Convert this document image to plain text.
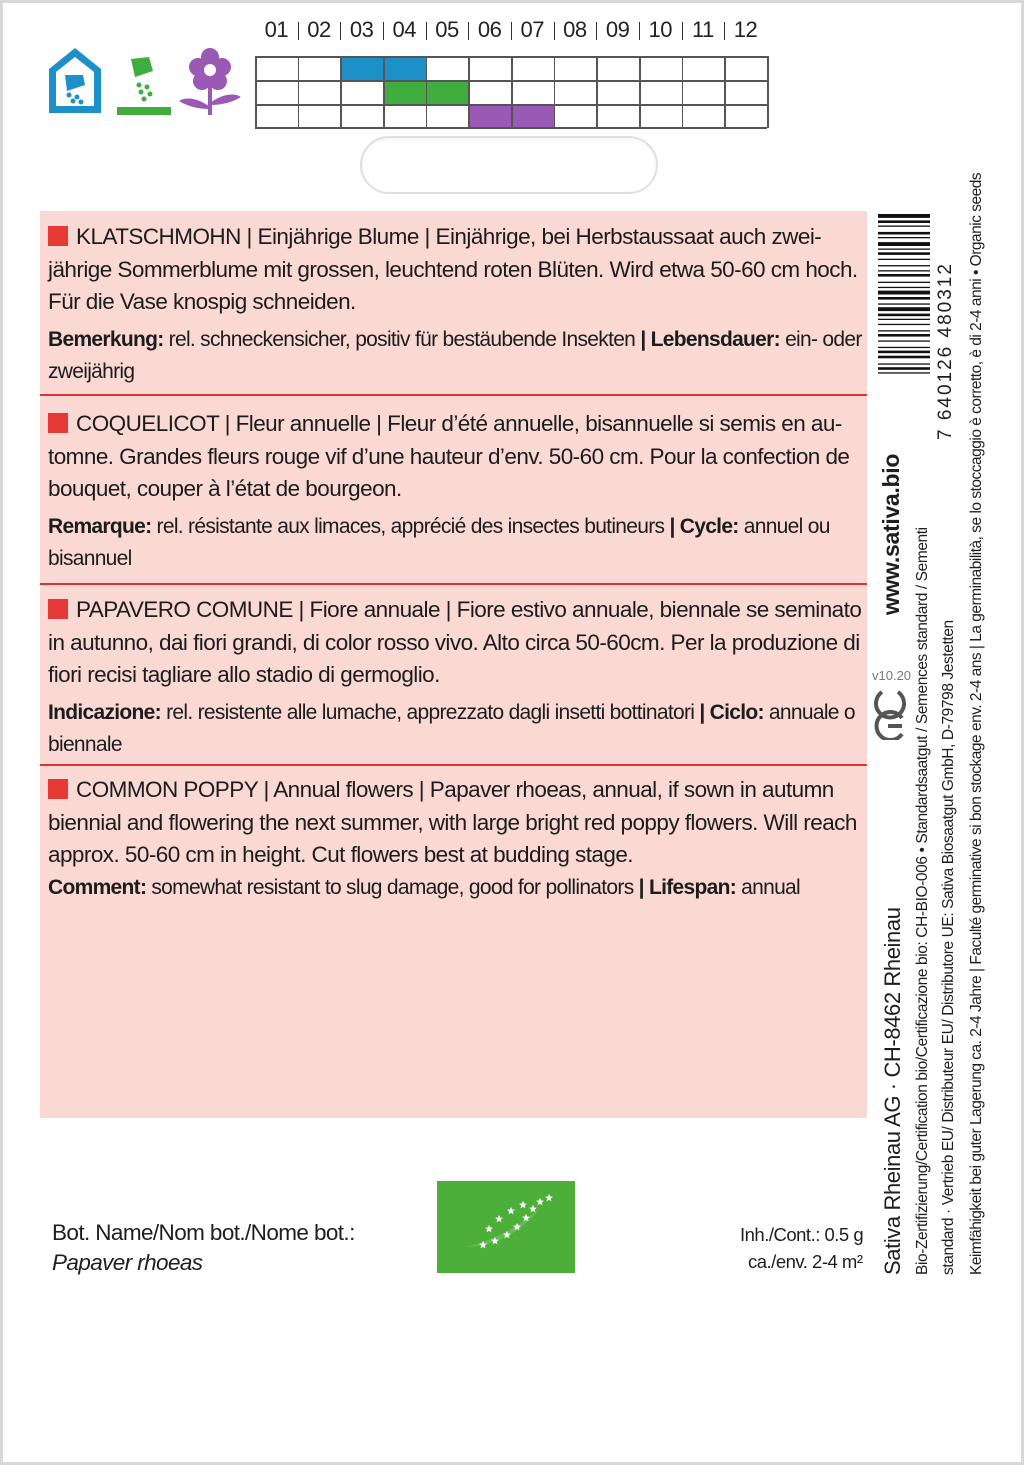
01 02 03 04 05 06 07 08 09 10 11 12

KLATSCHMOHN | Einjährige Blume | Einjährige, bei Herbstaussaat auch zweijährige Sommerblume mit grossen, leuchtend roten Blüten. Wird etwa 50-60 cm hoch. Für die Vase knospig schneiden.

Bemerkung: rel. schneckensicher, positiv für bestäubende Insekten | Lebensdauer: ein- oder zweijährig

COQUELICOT | Fleur annuelle | Fleur d’été annuelle, bisannuelle si semis en automne. Grandes fleurs rouge vif d’une hauteur d’env. 50-60 cm. Pour la confection de bouquet, couper à l’état de bourgeon.

Remarque: rel. résistante aux limaces, apprécié des insectes butineurs | Cycle: annuel ou bisannuel

PAPAVERO COMUNE | Fiore annuale | Fiore estivo annuale, biennale se seminato in autunno, dai fiori grandi, di color rosso vivo. Alto circa 50-60cm. Per la produzione di fiori recisi tagliare allo stadio di germoglio.

Indicazione: rel. resistente alle lumache, apprezzato dagli insetti bottinatori | Ciclo: annuale o biennale

COMMON POPPY | Annual flowers | Papaver rhoeas, annual, if sown in autumn biennial and flowering the next summer, with large bright red poppy flowers. Will reach approx. 50-60 cm in height. Cut flowers best at budding stage.

Comment: somewhat resistant to slug damage, good for pollinators | Lifespan: annual

7 640126 480312
www.sativa.bio
v10.20
Sativa Rheinau AG · CH-8462 Rheinau Bio-Zertifizierung/Certification bio/Certificazione bio: CH-BIO-006 • Standardsaatgut / Semences standard / Sementi standard · Vertrieb EU/ Distributeur EU/ Distributore UE: Sativa Biosaatgut GmbH, D-79798 Jestetten Keimfähigkeit bei guter Lagerung ca. 2-4 Jahre | Faculté germinative si bon stockage env. 2-4 ans | La germinabilità, se lo stoccaggio è corretto, è di 2-4 anni • Organic seeds
Bot. Name/Nom bot./Nome bot.:
Papaver rhoeas
Inh./Cont.: 0.5 g
ca./env. 2-4 m²
